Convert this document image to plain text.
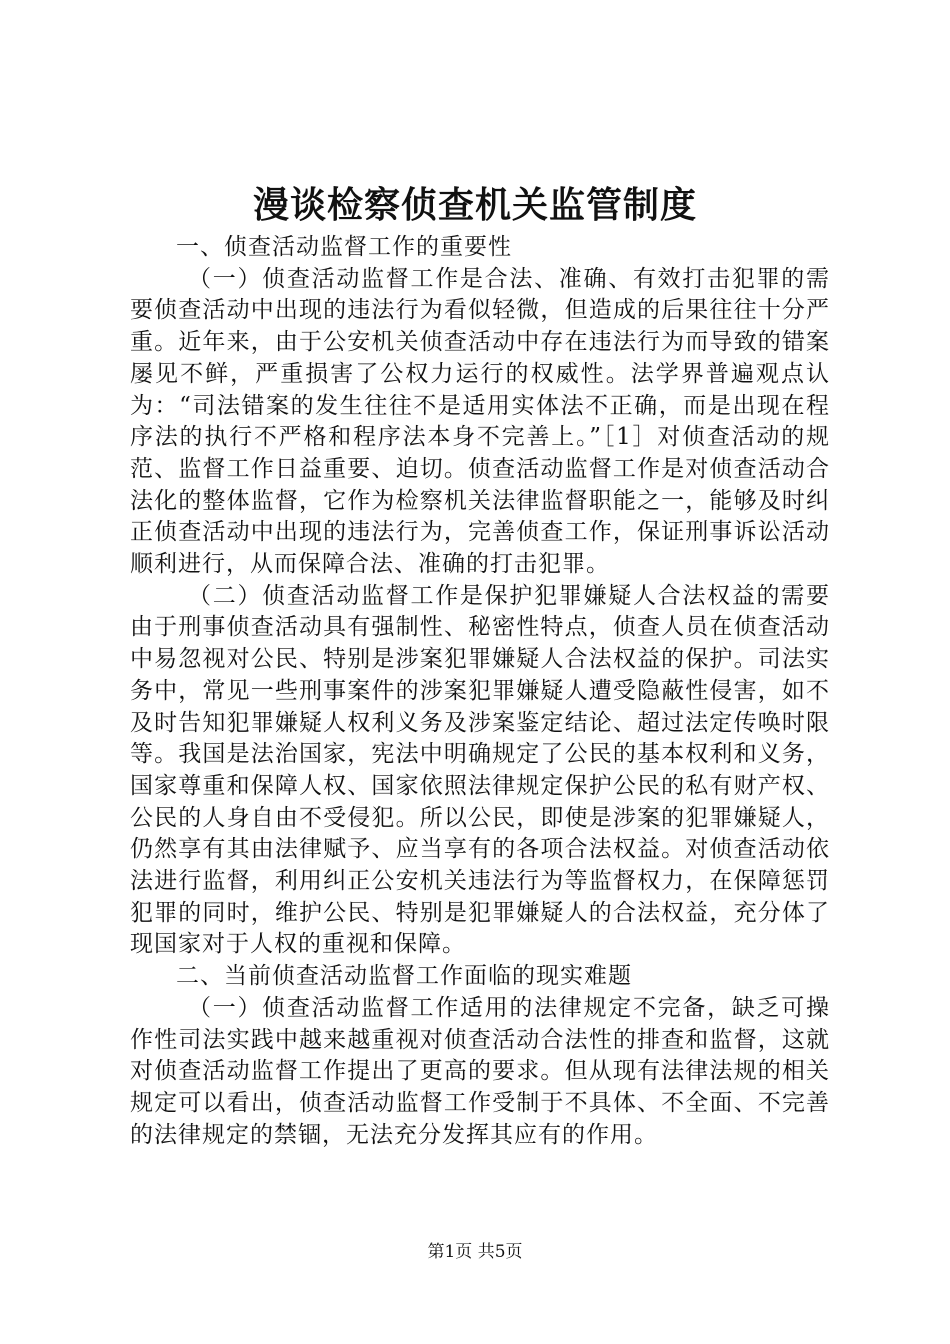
漫谈检察侦查机关监管制度

一、侦查活动监督工作的重要性

（一）侦查活动监督工作是合法、准确、有效打击犯罪的需要侦查活动中出现的违法行为看似轻微，但造成的后果往往十分严重。近年来，由于公安机关侦查活动中存在违法行为而导致的错案屡见不鲜，严重损害了公权力运行的权威性。法学界普遍观点认为：“司法错案的发生往往不是适用实体法不正确，而是出现在程序法的执行不严格和程序法本身不完善上。”［1］对侦查活动的规范、监督工作日益重要、迫切。侦查活动监督工作是对侦查活动合法化的整体监督，它作为检察机关法律监督职能之一，能够及时纠正侦查活动中出现的违法行为，完善侦查工作，保证刑事诉讼活动顺利进行，从而保障合法、准确的打击犯罪。

（二）侦查活动监督工作是保护犯罪嫌疑人合法权益的需要由于刑事侦查活动具有强制性、秘密性特点，侦查人员在侦查活动中易忽视对公民、特别是涉案犯罪嫌疑人合法权益的保护。司法实务中，常见一些刑事案件的涉案犯罪嫌疑人遭受隐蔽性侵害，如不及时告知犯罪嫌疑人权利义务及涉案鉴定结论、超过法定传唤时限等。我国是法治国家，宪法中明确规定了公民的基本权利和义务，国家尊重和保障人权、国家依照法律规定保护公民的私有财产权、公民的人身自由不受侵犯。所以公民，即使是涉案的犯罪嫌疑人，仍然享有其由法律赋予、应当享有的各项合法权益。对侦查活动依法进行监督，利用纠正公安机关违法行为等监督权力，在保障惩罚犯罪的同时，维护公民、特别是犯罪嫌疑人的合法权益，充分体了现国家对于人权的重视和保障。

二、当前侦查活动监督工作面临的现实难题

（一）侦查活动监督工作适用的法律规定不完备，缺乏可操作性司法实践中越来越重视对侦查活动合法性的排查和监督，这就对侦查活动监督工作提出了更高的要求。但从现有法律法规的相关规定可以看出，侦查活动监督工作受制于不具体、不全面、不完善的法律规定的禁锢，无法充分发挥其应有的作用。

第1页 共5页
